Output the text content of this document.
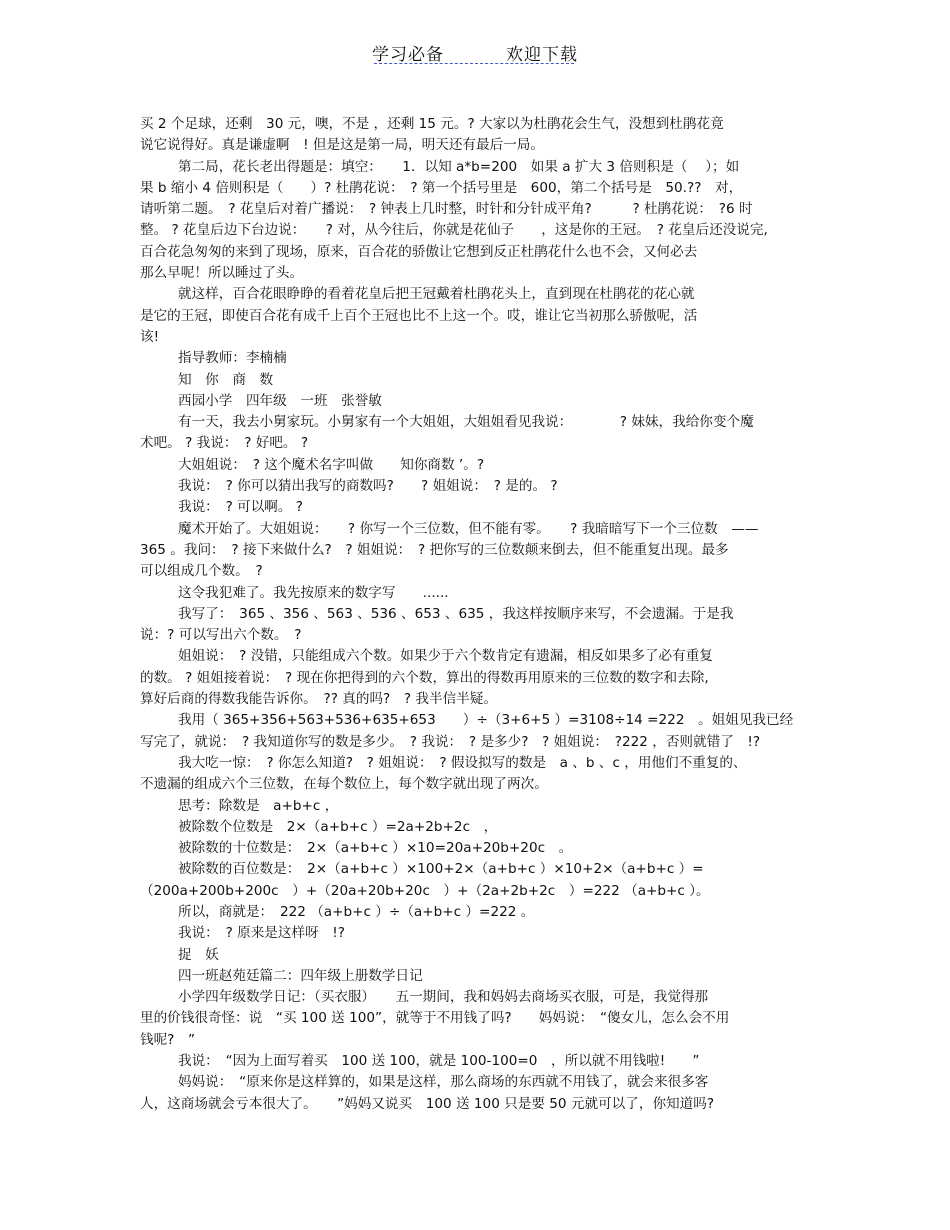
学习必备	欢迎下载
买 2 个足球，还剩　30 元，噢，不是 ，还剩 15 元。? 大家以为杜鹃花会生气，没想到杜鹃花竟
说它说得好。真是谦虚啊　! 但是这是第一局，明天还有最后一局。
第二局，花长老出得题是：填空：　　1．以知 a*b=200　如果 a 扩大 3 倍则积是（　 ）；如
果 b 缩小 4 倍则积是（　　）? 杜鹃花说：　? 第一个括号里是　600，第二个括号是　50.??　对，
请听第二题。　? 花皇后对着广播说：　? 钟表上几时整，时针和分针成平角?　　　? 杜鹃花说：　?6 时
整。 ? 花皇后边下台边说：　　? 对，从今往后，你就是花仙子　　，这是你的王冠。　? 花皇后还没说完,
百合花急匆匆的来到了现场，原来，百合花的骄傲让它想到反正杜鹃花什么也不会，又何必去
那么早呢！所以睡过了头。
就这样，百合花眼睁睁的看着花皇后把王冠戴着杜鹃花头上，直到现在杜鹃花的花心就
是它的王冠，即使百合花有成千上百个王冠也比不上这一个。哎，谁让它当初那么骄傲呢，活
该!
指导教师：李楠楠
知　你　商　数
西园小学　四年级　一班　张誉敏
有一天，我去小舅家玩。小舅家有一个大姐姐，大姐姐看见我说：　　　　? 妹妹，我给你变个魔
术吧。 ? 我说：　? 好吧。 ?
大姐姐说：　? 这个魔术名字叫做　　知你商数 ’。?
我说：　? 你可以猜出我写的商数吗?　　? 姐姐说：　? 是的。 ?
我说：　? 可以啊。 ?
魔术开始了。大姐姐说：　　? 你写一个三位数，但不能有零。　　? 我暗暗写下一个三位数　——
365 。我问：　? 接下来做什么?　? 姐姐说：　? 把你写的三位数颠来倒去，但不能重复出现。最多
可以组成几个数。　?
这令我犯难了。我先按原来的数字写　　......
我写了：　365 、356 、563 、536 、653 、635 ，我这样按顺序来写，不会遗漏。于是我
说：? 可以写出六个数。　?
姐姐说：　? 没错，只能组成六个数。如果少于六个数肯定有遗漏，相反如果多了必有重复
的数。 ? 姐姐接着说：　? 现在你把得到的六个数，算出的得数再用原来的三位数的数字和去除,
算好后商的得数我能告诉你。　?? 真的吗?　? 我半信半疑。
我用（ 365+356+563+536+635+653　　）÷（3+6+5 ）=3108÷14 =222　。姐姐见我已经
写完了，就说：　? 我知道你写的数是多少。　? 我说：　? 是多少?　? 姐姐说：　?222 ，否则就错了　!?
我大吃一惊：　? 你怎么知道?　? 姐姐说：　? 假设拟写的数是　a 、b 、c ，用他们不重复的、
不遗漏的组成六个三位数，在每个数位上，每个数字就出现了两次。
思考：除数是　a+b+c ，
被除数个位数是　2×（a+b+c ）=2a+2b+2c　，
被除数的十位数是：　2×（a+b+c ）×10=20a+20b+20c　。
被除数的百位数是：　2×（a+b+c ）×100+2×（a+b+c ）×10+2×（a+b+c ）=
（200a+200b+200c　）+（20a+20b+20c　）+（2a+2b+2c　）=222 （a+b+c ）。
所以，商就是：　222 （a+b+c ）÷（a+b+c ）=222 。
我说：　? 原来是这样呀　!?
捉　妖
四一班赵苑廷篇二：四年级上册数学日记
小学四年级数学日记：（买衣服）　　五一期间，我和妈妈去商场买衣服，可是，我觉得那
里的价钱很奇怪：说　“买 100 送 100”，就等于不用钱了吗?　　妈妈说：　“傻女儿，怎么会不用
钱呢?　”
我说：　“因为上面写着买　100 送 100，就是 100-100=0　，所以就不用钱啦!　　”
妈妈说：　“原来你是这样算的，如果是这样，那么商场的东西就不用钱了，就会来很多客
人，这商场就会亏本很大了。　　”妈妈又说买　100 送 100 只是要 50 元就可以了，你知道吗?
